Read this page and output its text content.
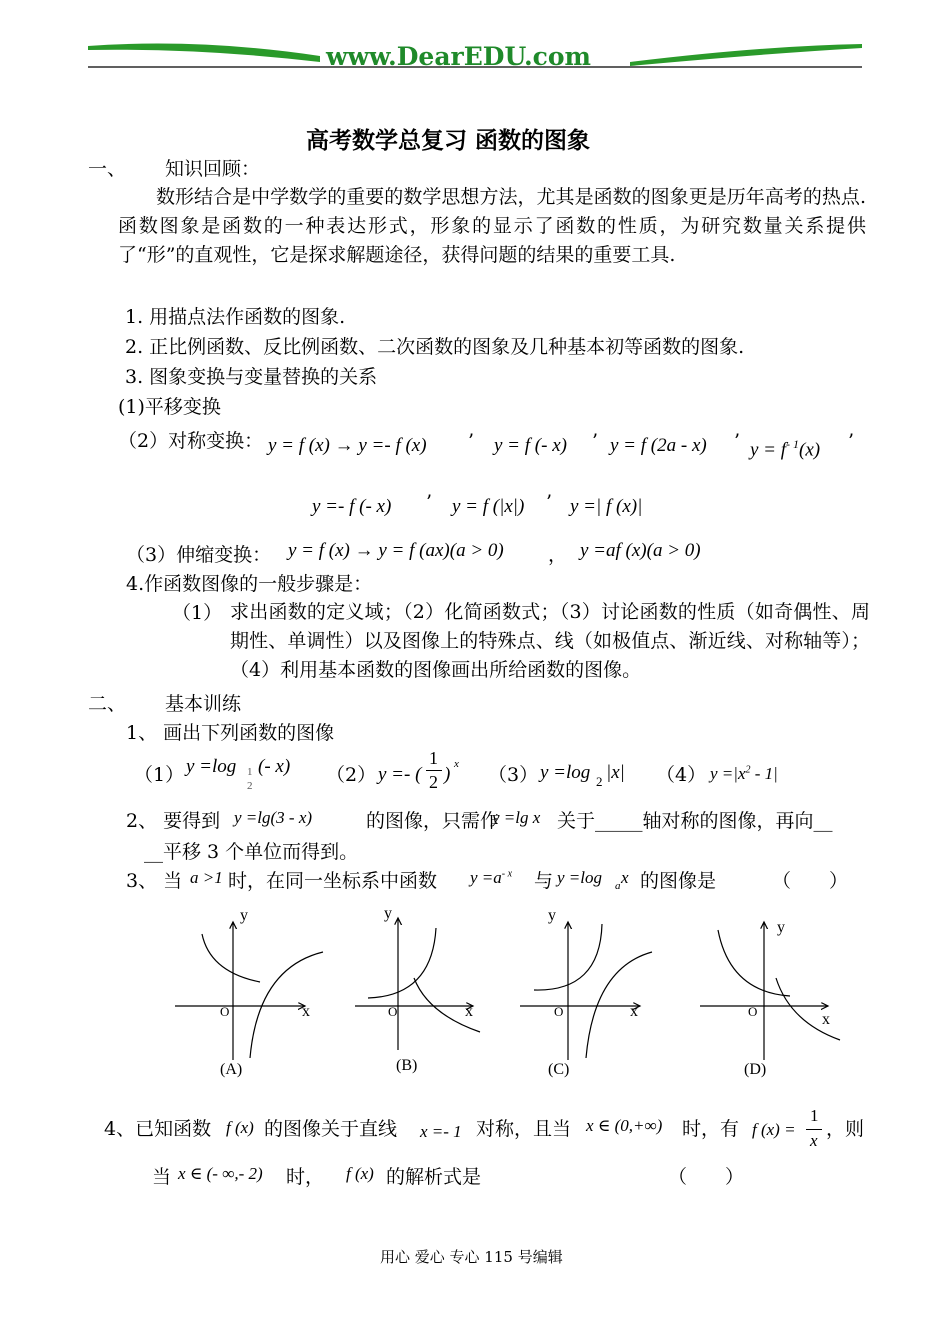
www.DearEDU.com
高考数学总复习 函数的图象
一、 知识回顾：
数形结合是中学数学的重要的数学思想方法，尤其是函数的图象更是历年高考的热点.函数图象是函数的一种表达形式，形象的显示了函数的性质，为研究数量关系提供了“形”的直观性，它是探求解题途径，获得问题的结果的重要工具.
1. 用描点法作函数的图象.
2. 正比例函数、反比例函数、二次函数的图象及几种基本初等函数的图象.
3. 图象变换与变量替换的关系
(1)平移变换
（2）对称变换： y = f (x) → y =- f (x) ’ y = f (- x) ’ y = f (2a - x) ’ $y = f^{- 1}(x)$ ’
y =- f (- x) ’ y = f (|x|) ’ y =| f (x)|
（3）伸缩变换： y = f (x) → y = f (ax)(a > 0) ， y =af (x)(a > 0)
4.作函数图像的一般步骤是：
（1） 求出函数的定义域；（2）化简函数式；（3）讨论函数的性质（如奇偶性、周期性、单调性）以及图像上的特殊点、线（如极值点、渐近线、对称轴等）；（4）利用基本函数的图像画出所给函数的图像。
二、 基本训练
1、 画出下列函数的图像
（1） y =log 1
2
(- x) （2） y =- (
1
2 ) x （3） y =log 2 |x| （4） $y =|x^2 - 1|$
2、 要得到 y =lg(3 - x)	的图像，只需作
y =lg x 关于_____轴对称的图像，再向__
__平移 3 个单位而得到。
3、 当 a >1 时，在同一坐标系中函数 $y =a^{- x}$ 与 y =log a x 的图像是	（　　）
y
x
O
(A)
y
x
O
(B)
y
x
O
(C)
y
x
O
(D)
4、已知函数 f (x) 的图像关于直线 x =- 1 对称，且当 x ∈ (0,+∞) 时，有 f (x) =
1
x
，则
当 x ∈ (- ∞,- 2) 时， f (x) 的解析式是	（　　）
用心 爱心 专心 115 号编辑
